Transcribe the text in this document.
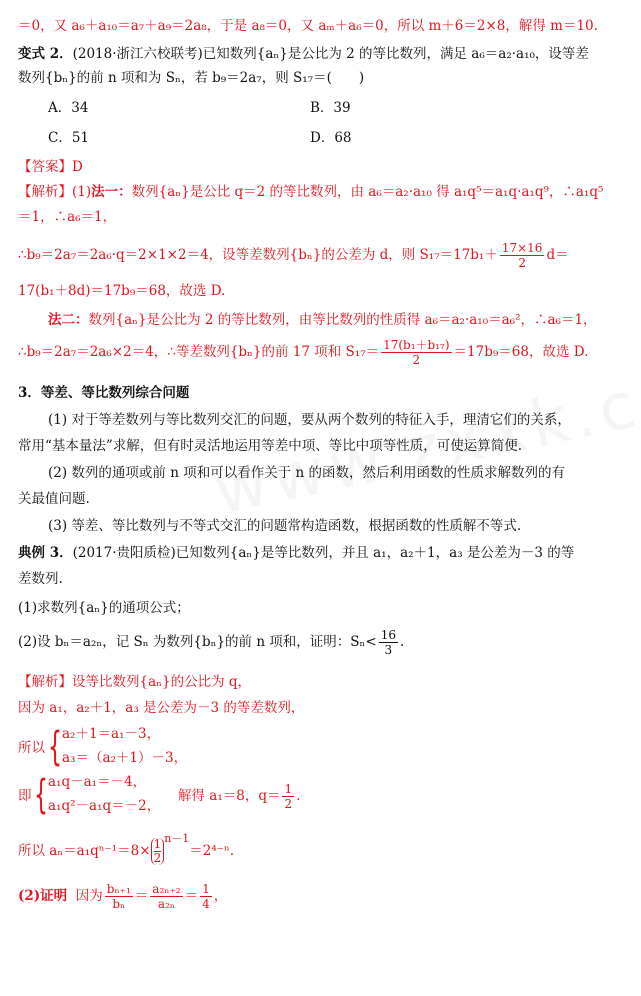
＝0，又 a₆＋a₁₀＝a₇＋a₉＝2a₈，于是 a₈＝0，又 aₘ＋a₆＝0，所以 m＋6＝2×8，解得 m＝10.
变式 2．(2018·浙江六校联考)已知数列{aₙ}是公比为 2 的等比数列，满足 a₆＝a₂·a₁₀，设等差
数列{bₙ}的前 n 项和为 Sₙ，若 b₉＝2a₇，则 S₁₇＝(　　)
A．34	B．39
C．51	D．68
【答案】D
【解析】(1)法一：数列{aₙ}是公比 q＝2 的等比数列，由 a₆＝a₂·a₁₀ 得 a₁q⁵＝a₁q·a₁q⁹，∴a₁q⁵
＝1，∴a₆＝1，
∴b₉＝2a₇＝2a₆·q＝2×1×2＝4，设等差数列{bₙ}的公差为 d，则 $S_{17}=17b_1+ \frac{17\times 16}{2} d=$
17(b₁＋8d)＝17b₉＝68，故选 D.
法二：数列{aₙ}是公比为 2 的等比数列，由等比数列的性质得 a₆＝a₂·a₁₀＝a₆²，∴a₆＝1，
∴b₉＝2a₇＝2a₆×2＝4，∴等差数列{bₙ}的前 17 项和 $S_{17}= \frac{\text{17(b₁＋b₁₇)}}{2} =17b_9=68$，故选 D.
3．等差、等比数列综合问题
(1) 对于等差数列与等比数列交汇的问题，要从两个数列的特征入手，理清它们的关系，
常用“基本量法”求解，但有时灵活地运用等差中项、等比中项等性质，可使运算简便.
(2) 数列的通项或前 n 项和可以看作关于 n 的函数，然后利用函数的性质求解数列的有
关最值问题.
(3) 等差、等比数列与不等式交汇的问题常构造函数，根据函数的性质解不等式.
典例 3．(2017·贵阳质检)已知数列{aₙ}是等比数列，并且 a₁，a₂＋1，a₃ 是公差为－3 的等
差数列.
(1)求数列{aₙ}的通项公式；
(2)设 bₙ＝a₂ₙ，记 Sₙ 为数列{bₙ}的前 n 项和，证明：$S_n< \frac{16}{3}$ .
【解析】设等比数列{aₙ}的公比为 q，
因为 a₁，a₂＋1，a₃ 是公差为－3 的等差数列，
所以 { a₂＋1＝a₁－3，
a₃＝（a₂＋1）－3，
即 { a₁q－a₁＝－4，
a₁q²－a₁q＝－2，
解得 a₁＝8，$q= \frac{1}{2}$ .
所以 $a_n=a_1q^{n-1}=8\times \frac{1}{2}^{n-1}=2^{4-n}$.
(2)证明 因为 $\frac{\text{bₙ₊₁}}{\text{bₙ}} = \frac{\text{a₂ₙ₊₂}}{\text{a₂ₙ}} = \frac{1}{4}$ ，
